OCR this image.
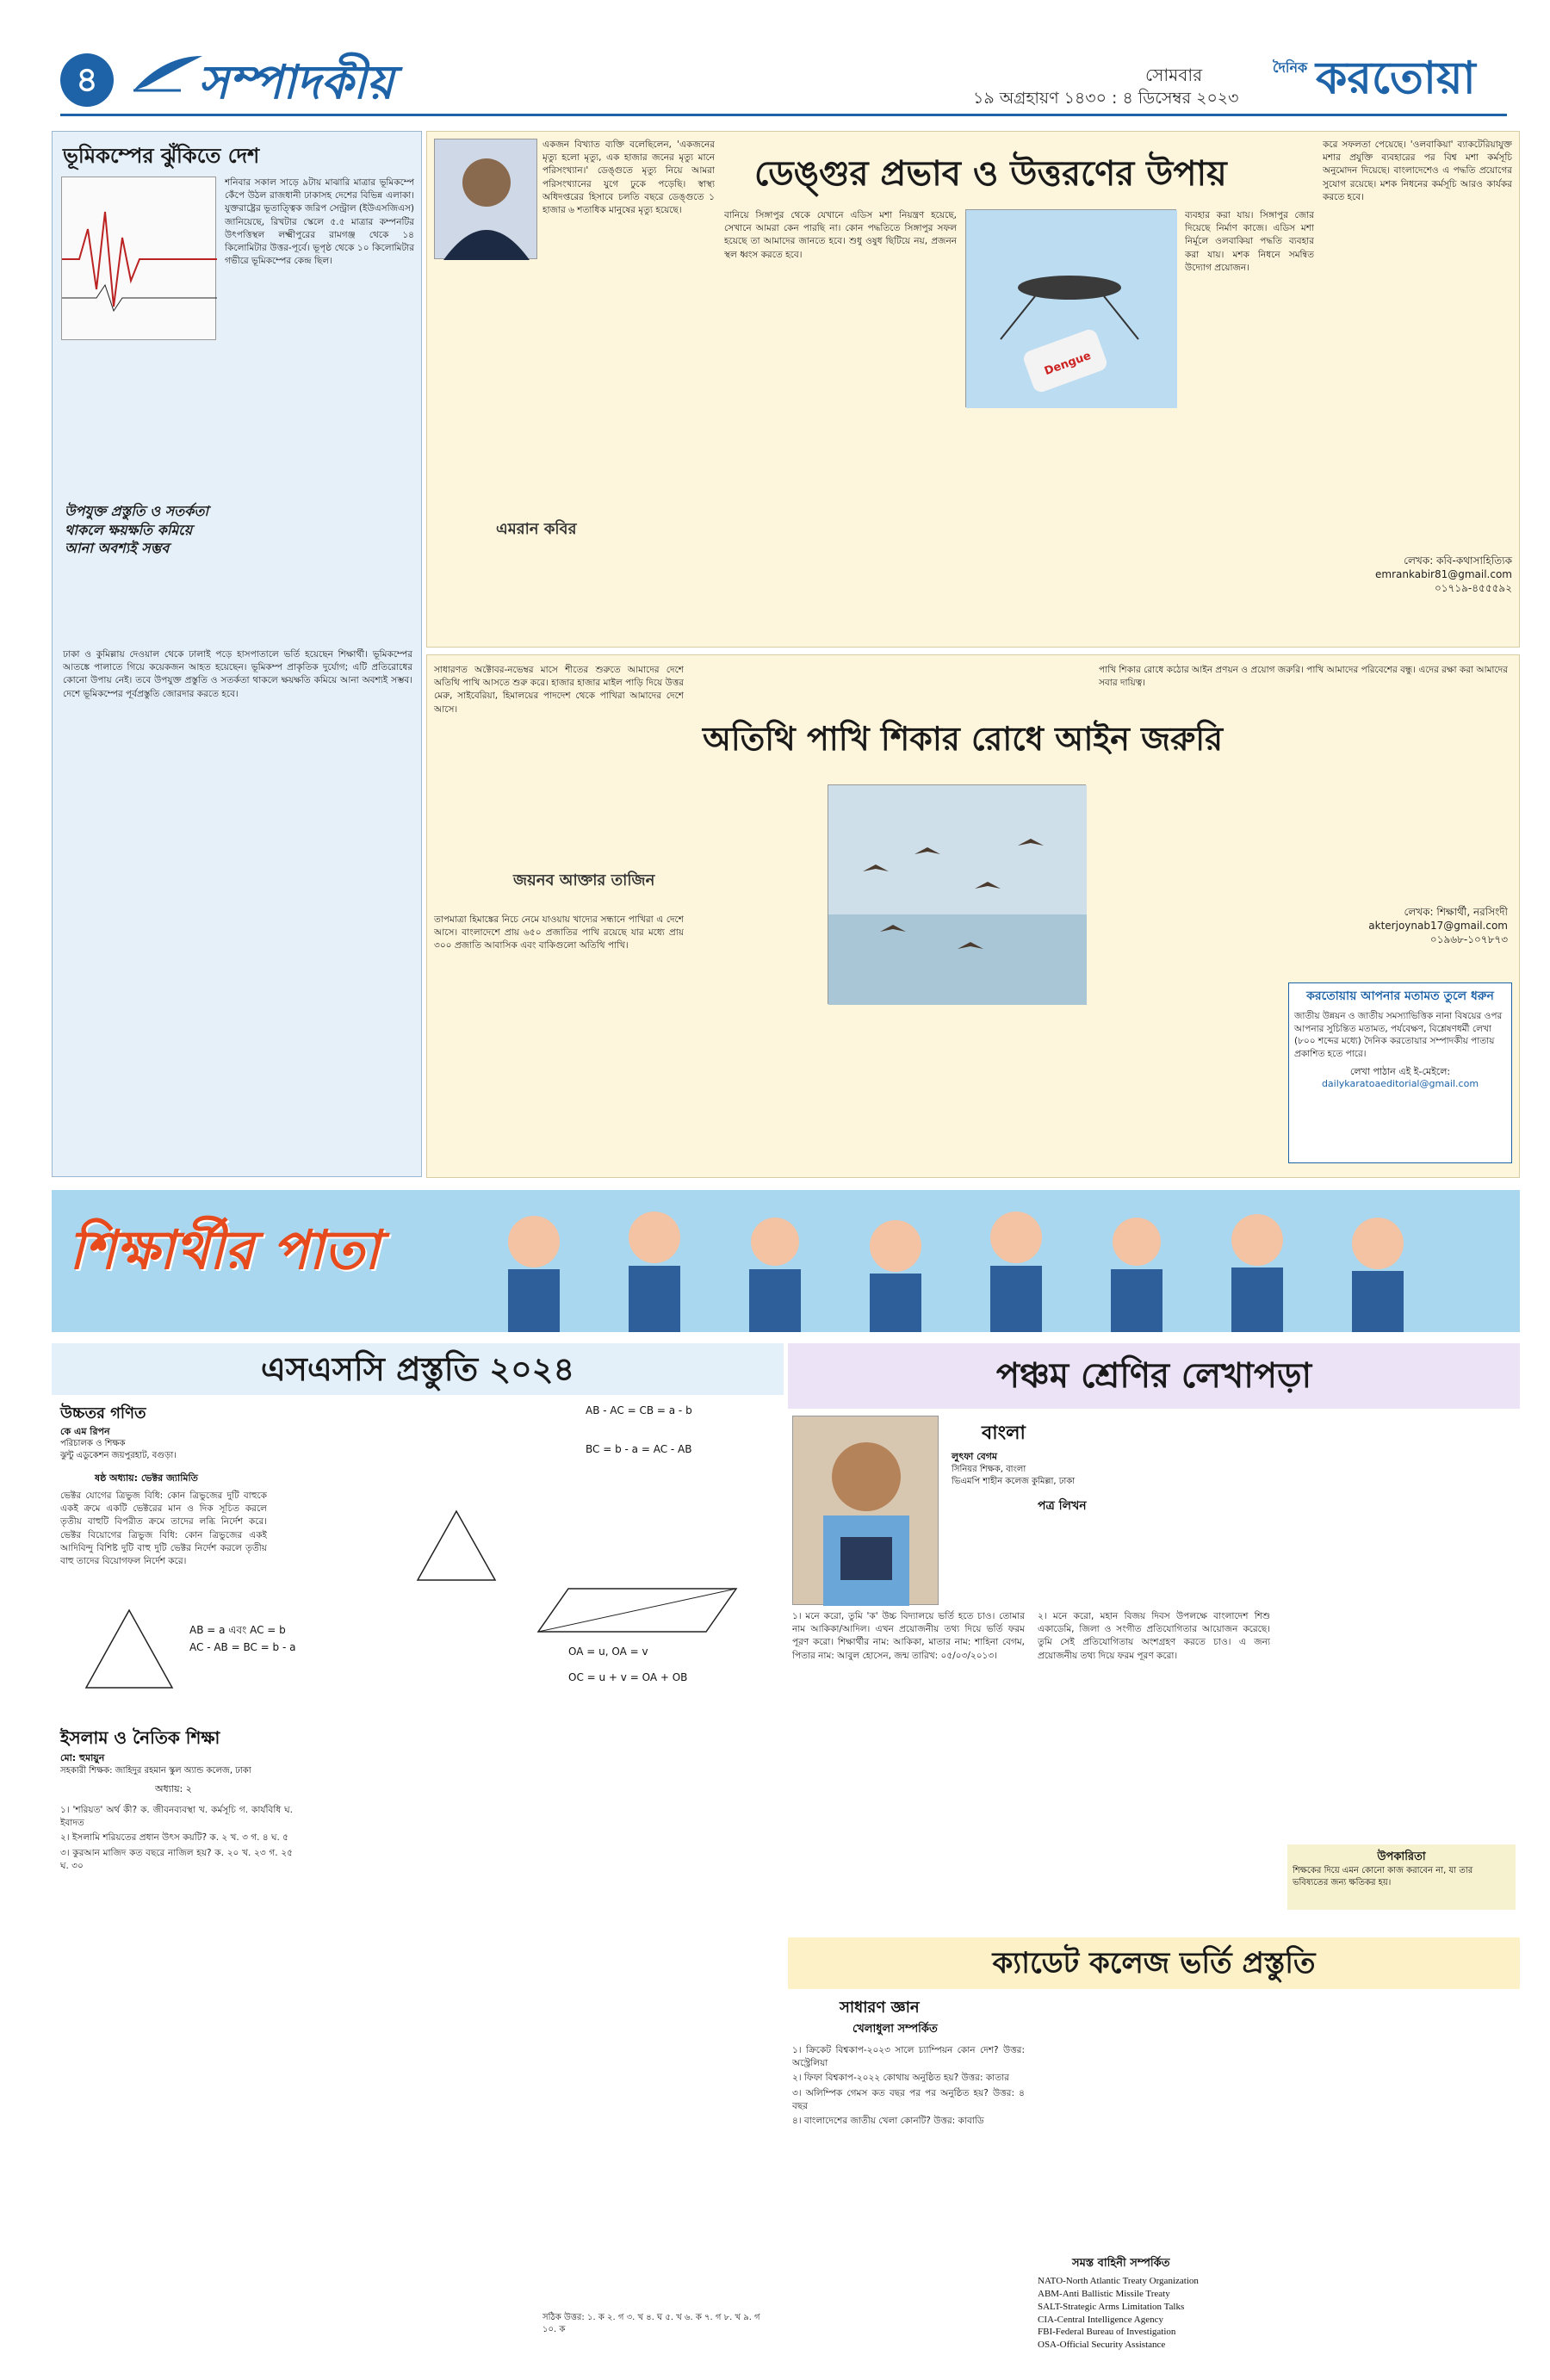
৪	সম্পাদকীয়	সোমবার
১৯ অগ্রহায়ণ ১৪৩০ : ৪ ডিসেম্বর ২০২৩
দৈনিক করতোয়া
ভূমিকম্পের ঝুঁকিতে দেশ
শনিবার সকাল সাড়ে ৯টায় মাঝারি মাত্রার ভূমিকম্পে কেঁপে উঠল রাজধানী ঢাকাসহ দেশের বিভিন্ন এলাকা। যুক্তরাষ্ট্রের ভূতাত্ত্বিক জরিপ সেন্ট্রাল (ইউএসজিএস) জানিয়েছে, রিখটার স্কেলে ৫.৫ মাত্রার কম্পনটির উৎপত্তিস্থল লক্ষ্মীপুরের রামগঞ্জ থেকে ১৪ কিলোমিটার উত্তর-পূর্বে। ভূপৃষ্ঠ থেকে ১০ কিলোমিটার গভীরে ভূমিকম্পের কেন্দ্র ছিল।
উপযুক্ত প্রস্তুতি ও সতর্কতা থাকলে ক্ষয়ক্ষতি কমিয়ে আনা অবশ্যই সম্ভব
ঢাকা ও কুমিল্লায় দেওয়াল থেকে ঢালাই পড়ে হাসপাতালে ভর্তি হয়েছেন শিক্ষার্থী। ভূমিকম্পের আতঙ্কে পালাতে গিয়ে কয়েকজন আহত হয়েছেন। ভূমিকম্প প্রাকৃতিক দুর্যোগ; এটি প্রতিরোধের কোনো উপায় নেই। তবে উপযুক্ত প্রস্তুতি ও সতর্কতা থাকলে ক্ষয়ক্ষতি কমিয়ে আনা অবশ্যই সম্ভব। দেশে ভূমিকম্পের পূর্বপ্রস্তুতি জোরদার করতে হবে।
একজন বিখ্যাত ব্যক্তি বলেছিলেন, 'একজনের মৃত্যু হলো মৃত্যু, এক হাজার জনের মৃত্যু মানে পরিসংখ্যান।' ডেঙ্গুতে মৃত্যু নিয়ে আমরা পরিসংখ্যানের যুগে ঢুকে পড়েছি। স্বাস্থ্য অধিদপ্তরের হিসাবে চলতি বছরে ডেঙ্গুতে ১ হাজার ৬ শতাধিক মানুষের মৃত্যু হয়েছে।
ডেঙ্গুর প্রভাব ও উত্তরণের উপায়
এমরান কবির
বানিয়ে সিঙ্গাপুর থেকে যেখানে এডিস মশা নিয়ন্ত্রণ হয়েছে, সেখানে আমরা কেন পারছি না। কোন পদ্ধতিতে সিঙ্গাপুর সফল হয়েছে তা আমাদের জানতে হবে। শুধু ওষুধ ছিটিয়ে নয়, প্রজনন স্থল ধ্বংস করতে হবে।
Dengue
ব্যবহার করা যায়। সিঙ্গাপুর জোর দিয়েছে নির্মাণ কাজে। এডিস মশা নির্মূলে ওলবাকিয়া পদ্ধতি ব্যবহার করা যায়। মশক নিধনে সমন্বিত উদ্যোগ প্রয়োজন।
করে সফলতা পেয়েছে। 'ওলবাকিয়া' ব্যাকটেরিয়াযুক্ত মশার প্রযুক্তি ব্যবহারের পর বিশ্ব মশা কর্মসূচি অনুমোদন দিয়েছে। বাংলাদেশেও এ পদ্ধতি প্রয়োগের সুযোগ রয়েছে। মশক নিধনের কর্মসূচি আরও কার্যকর করতে হবে।
লেখক: কবি-কথাসাহিত্যিক
emrankabir81@gmail.com
০১৭১৯-৪৫৫৫৯২
সাধারণত অক্টোবর-নভেম্বর মাসে শীতের শুরুতে আমাদের দেশে অতিথি পাখি আসতে শুরু করে। হাজার হাজার মাইল পাড়ি দিয়ে উত্তর মেরু, সাইবেরিয়া, হিমালয়ের পাদদেশ থেকে পাখিরা আমাদের দেশে আসে।
অতিথি পাখি শিকার রোধে আইন জরুরি
জয়নব আক্তার তাজিন
তাপমাত্রা হিমাঙ্কের নিচে নেমে যাওয়ায় খাদ্যের সন্ধানে পাখিরা এ দেশে আসে। বাংলাদেশে প্রায় ৬৫০ প্রজাতির পাখি রয়েছে যার মধ্যে প্রায় ৩০০ প্রজাতি আবাসিক এবং বাকিগুলো অতিথি পাখি।
পাখি শিকার রোধে কঠোর আইন প্রণয়ন ও প্রয়োগ জরুরি। পাখি আমাদের পরিবেশের বন্ধু। এদের রক্ষা করা আমাদের সবার দায়িত্ব।
লেখক: শিক্ষার্থী, নরসিংদী
akterjoynab17@gmail.com
০১৯৬৮-১০৭৮৭৩
করতোয়ায় আপনার মতামত তুলে ধরুন
জাতীয় উন্নয়ন ও জাতীয় সমস্যাভিত্তিক নানা বিষয়ের ওপর আপনার সুচিন্তিত মতামত, পর্যবেক্ষণ, বিশ্লেষণধর্মী লেখা (৮০০ শব্দের মধ্যে) দৈনিক করতোয়ার সম্পাদকীয় পাতায় প্রকাশিত হতে পারে।
লেখা পাঠান এই ই-মেইলে:
dailykaratoaeditorial@gmail.com
শিক্ষার্থীর পাতা
এসএসসি প্রস্তুতি ২০২৪
উচ্চতর গণিত
কে এম রিপন
পরিচালক ও শিক্ষক
ঝুন্টু এডুকেশন জয়পুরহাট, বগুড়া।
ষষ্ঠ অধ্যায়: ভেক্টর জ্যামিতি
ভেক্টর যোগের ত্রিভুজ বিধি: কোন ত্রিভুজের দুটি বাহুকে একই ক্রমে একটি ভেক্টরের মান ও দিক সূচিত করলে তৃতীয় বাহুটি বিপরীত ক্রমে তাদের লব্ধি নির্দেশ করে। ভেক্টর বিয়োগের ত্রিভুজ বিধি: কোন ত্রিভুজের একই আদিবিন্দু বিশিষ্ট দুটি বাহু দুটি ভেক্টর নির্দেশ করলে তৃতীয় বাহু তাদের বিয়োগফল নির্দেশ করে।
AB = a এবং AC = b
AC - AB = BC = b - a
AB - AC = CB = a - b
BC = b - a = AC - AB
OA = u, OA = v
OC = u + v = OA + OB
ইসলাম ও নৈতিক শিক্ষা
মো: হুমায়ুন
সহকারী শিক্ষক: জাহিদুর রহমান স্কুল অ্যান্ড কলেজ, ঢাকা
অধ্যায়: ২
১। 'শরিয়ত' অর্থ কী? ক. জীবনব্যবস্থা খ. কর্মসূচি গ. কার্যবিধি ঘ. ইবাদত
২। ইসলামি শরিয়তের প্রধান উৎস কয়টি? ক. ২ খ. ৩ গ. ৪ ঘ. ৫
৩। কুরআন মাজিদ কত বছরে নাজিল হয়? ক. ২০ খ. ২৩ গ. ২৫ ঘ. ৩০
সঠিক উত্তর: ১. ক ২. গ ৩. খ ৪. ঘ ৫. খ ৬. ক ৭. গ ৮. খ ৯. গ ১০. ক
পঞ্চম শ্রেণির লেখাপড়া
বাংলা
লুৎফা বেগম
সিনিয়র শিক্ষক, বাংলা
ভিএমপি শাহীন কলেজ কুমিল্লা, ঢাকা
পত্র লিখন
১। মনে করো, তুমি 'ক' উচ্চ বিদ্যালয়ে ভর্তি হতে চাও। তোমার নাম আকিকা/আদিল। এখন প্রয়োজনীয় তথ্য দিয়ে ভর্তি ফরম পূরণ করো। শিক্ষার্থীর নাম: আকিকা, মাতার নাম: শাহিনা বেগম, পিতার নাম: আবুল হোসেন, জন্ম তারিখ: ০৫/০৩/২০১৩।
২। মনে করো, মহান বিজয় দিবস উপলক্ষে বাংলাদেশ শিশু একাডেমি, জিলা ও সংগীত প্রতিযোগিতার আয়োজন করেছে। তুমি সেই প্রতিযোগিতায় অংশগ্রহণ করতে চাও। এ জন্য প্রয়োজনীয় তথ্য দিয়ে ফরম পূরণ করো।
উপকারিতা
শিক্ষকের দিয়ে এমন কোনো কাজ করাবেন না, যা তার ভবিষ্যতের জন্য ক্ষতিকর হয়।
ক্যাডেট কলেজ ভর্তি প্রস্তুতি
সাধারণ জ্ঞান
খেলাধুলা সম্পর্কিত
১। ক্রিকেট বিশ্বকাপ-২০২৩ সালে চ্যাম্পিয়ন কোন দেশ? উত্তর: অস্ট্রেলিয়া
২। ফিফা বিশ্বকাপ-২০২২ কোথায় অনুষ্ঠিত হয়? উত্তর: কাতার
৩। অলিম্পিক গেমস কত বছর পর পর অনুষ্ঠিত হয়? উত্তর: ৪ বছর
৪। বাংলাদেশের জাতীয় খেলা কোনটি? উত্তর: কাবাডি
সমস্ত বাহিনী সম্পর্কিত
NATO-North Atlantic Treaty Organization
ABM-Anti Ballistic Missile Treaty
SALT-Strategic Arms Limitation Talks
CIA-Central Intelligence Agency
FBI-Federal Bureau of Investigation
OSA-Official Security Assistance
